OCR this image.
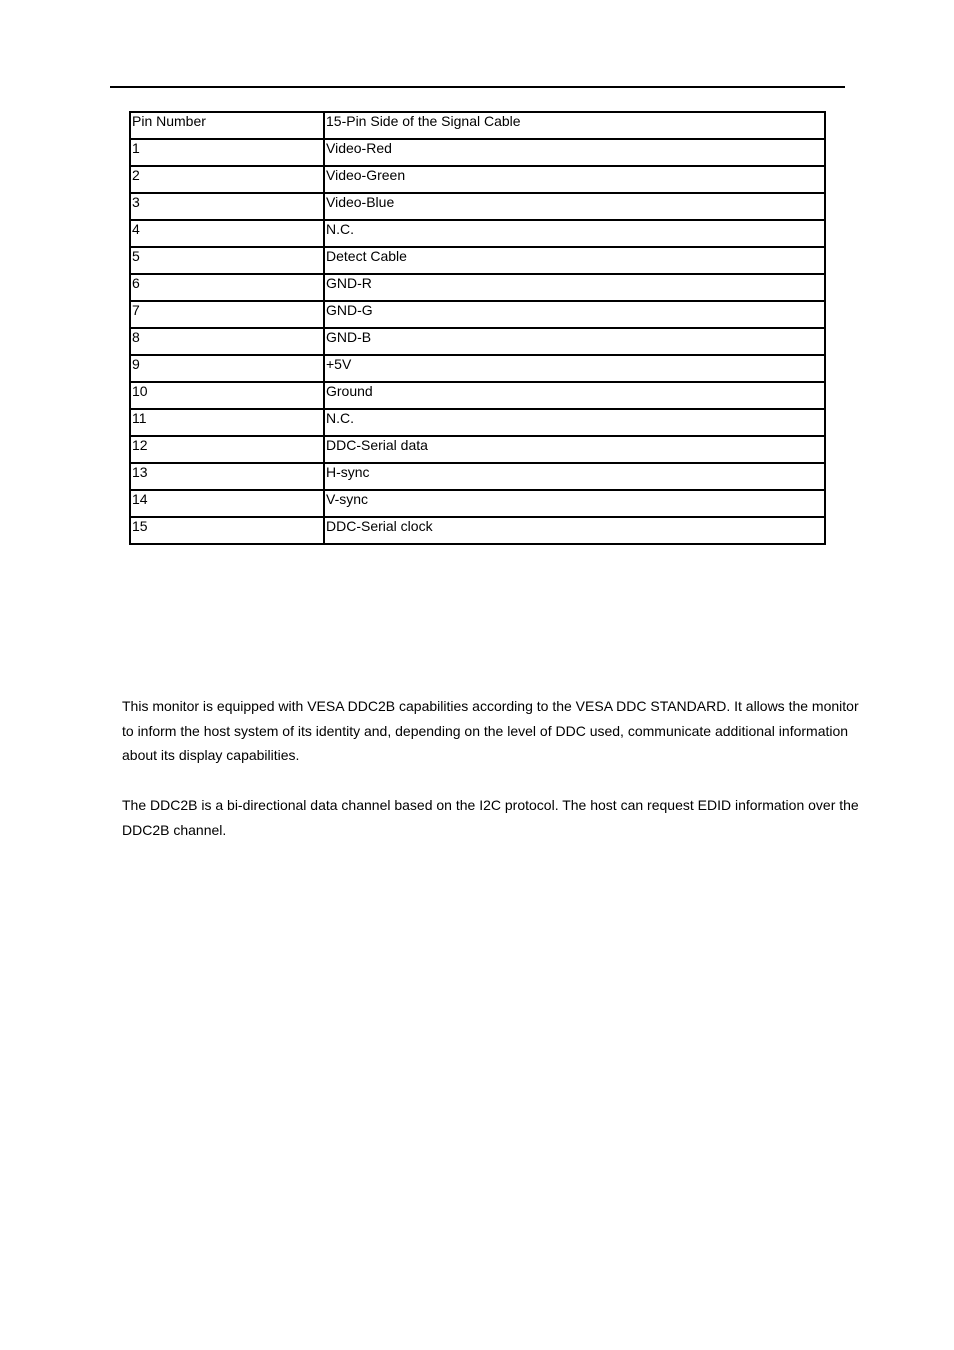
Pin Number	15-Pin Side of the Signal Cable
1	Video-Red
2	Video-Green
3	Video-Blue
4	N.C.
5	Detect Cable
6	GND-R
7	GND-G
8	GND-B
9	+5V
10	Ground
11	N.C.
12	DDC-Serial data
13	H-sync
14	V-sync
15	DDC-Serial clock

This monitor is equipped with VESA DDC2B capabilities according to the VESA DDC STANDARD. It allows the monitor to inform the host system of its identity and, depending on the level of DDC used, communicate additional information about its display capabilities.

The DDC2B is a bi-directional data channel based on the I2C protocol. The host can request EDID information over the DDC2B channel.
